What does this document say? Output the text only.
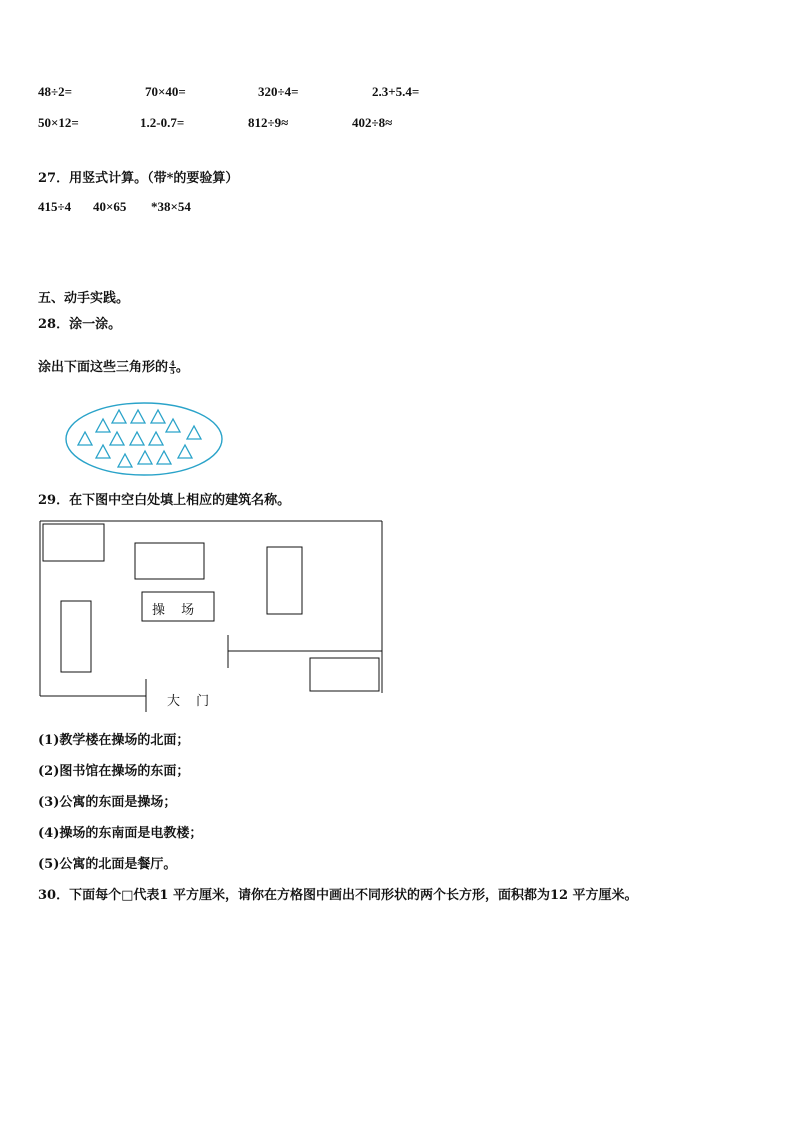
48÷2=	70×40=	320÷4=	2.3+5.4=
50×12=	1.2-0.7=	812÷9≈	402÷8≈
27．用竖式计算。（带*的要验算）
415÷4 40×65 *38×54
五、动手实践。
28．涂一涂。
涂出下面这些三角形的 $\frac{4}{5}$ 。
29．在下图中空白处填上相应的建筑名称。
操 场
大 门
(1)教学楼在操场的北面；
(2)图书馆在操场的东面；
(3)公寓的东面是操场；
(4)操场的东南面是电教楼；
(5)公寓的北面是餐厅。
30．下面每个□代表1 平方厘米，请你在方格图中画出不同形状的两个长方形，面积都为12 平方厘米。
